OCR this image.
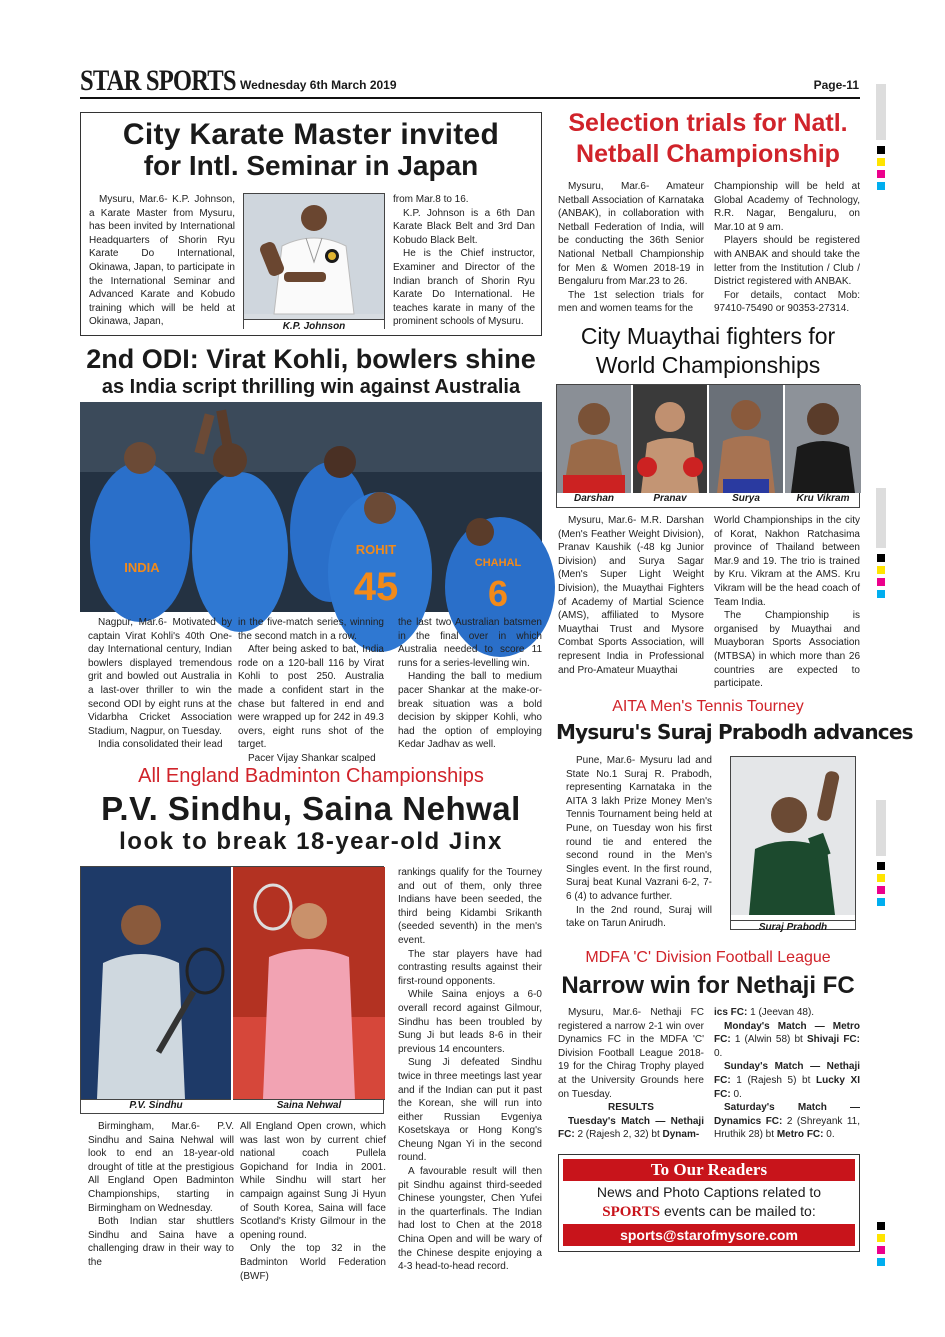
STAR SPORTS Wednesday 6th March 2019	Page-11
City Karate Master invited
for Intl. Seminar in Japan

Mysuru, Mar.6- K.P. Johnson, a Karate Master from Mysuru, has been invited by International Headquarters of Shorin Ryu Karate Do International, Okinawa, Japan, to participate in the International Seminar and Advanced Karate and Kobudo training which will be held at Okinawa, Japan,	K.P. Johnson

from Mar.8 to 16.

K.P. Johnson is a 6th Dan Karate Black Belt and 3rd Dan Kobudo Black Belt.

He is the Chief instructor, Examiner and Director of the Indian branch of Shorin Ryu Karate Do International. He teaches karate in many of the prominent schools of Mysuru.

Selection trials for Natl.
Netball Championship

Mysuru, Mar.6- Amateur Netball Association of Karnataka (ANBAK), in collaboration with Netball Federation of India, will be conducting the 36th Senior National Netball Championship for Men & Women 2018-19 in Bengaluru from Mar.23 to 26.

The 1st selection trials for men and women teams for the

Championship will be held at Global Academy of Technology, R.R. Nagar, Bengaluru, on Mar.10 at 9 am.

Players should be registered with ANBAK and should take the letter from the Institution / Club / District registered with ANBAK.

For details, contact Mob: 97410-75490 or 90353-27314.

2nd ODI: Virat Kohli, bowlers shine
as India script thrilling win against Australia
45
ROHIT
6
CHAHAL
INDIA

Nagpur, Mar.6- Motivated by captain Virat Kohli's 40th One-day International century, Indian bowlers displayed tremendous grit and bowled out Australia in a last-over thriller to win the second ODI by eight runs at the Vidarbha Cricket Association Stadium, Nagpur, on Tuesday.

India consolidated their lead

in the five-match series, winning the second match in a row.

After being asked to bat, India rode on a 120-ball 116 by Virat Kohli to post 250. Australia made a confident start in the chase but faltered in end and were wrapped up for 242 in 49.3 overs, eight runs shot of the target.

Pacer Vijay Shankar scalped

the last two Australian batsmen in the final over in which Australia needed to score 11 runs for a series-levelling win.

Handing the ball to medium pacer Shankar at the make-or-break situation was a bold decision by skipper Kohli, who had the option of employing Kedar Jadhav as well.

City Muaythai fighters for
World Championships
Darshan	Pranav	Surya	Kru Vikram

Mysuru, Mar.6- M.R. Darshan (Men's Feather Weight Division), Pranav Kaushik (-48 kg Junior Division) and Surya Sagar (Men's Super Light Weight Division), the Muaythai Fighters of Academy of Martial Science (AMS), affiliated to Mysore Muaythai Trust and Mysore Combat Sports Association, will represent India in Professional and Pro-Amateur Muaythai

World Championships in the city of Korat, Nakhon Ratchasima province of Thailand between Mar.9 and 19. The trio is trained by Kru. Vikram at the AMS. Kru Vikram will be the head coach of Team India.

The Championship is organised by Muaythai and Muayboran Sports Association (MTBSA) in which more than 26 countries are expected to participate.

AITA Men's Tennis Tourney
Mysuru's Suraj Prabodh advances

Pune, Mar.6- Mysuru lad and State No.1 Suraj R. Prabodh, representing Karnataka in the AITA 3 lakh Prize Money Men's Tennis Tournament being held at Pune, on Tuesday won his first round tie and entered the second round in the Men's Singles event. In the first round, Suraj beat Kunal Vazrani 6-2, 7-6 (4) to advance further.

In the 2nd round, Suraj will take on Tarun Anirudh.	Suraj Prabodh
All England Badminton Championships
P.V. Sindhu, Saina Nehwal
look to break 18-year-old Jinx
P.V. Sindhu	Saina Nehwal

rankings qualify for the Tourney and out of them, only three Indians have been seeded, the third being Kidambi Srikanth (seeded seventh) in the men's event.

The star players have had contrasting results against their first-round opponents.

While Saina enjoys a 6-0 overall record against Gilmour, Sindhu has been troubled by Sung Ji but leads 8-6 in their previous 14 encounters.

Sung Ji defeated Sindhu twice in three meetings last year and if the Indian can put it past the Korean, she will run into either Russian Evgeniya Kosetskaya or Hong Kong's Cheung Ngan Yi in the second round.

A favourable result will then pit Sindhu against third-seeded Chinese youngster, Chen Yufei in the quarterfinals. The Indian had lost to Chen at the 2018 China Open and will be wary of the Chinese despite enjoying a 4-3 head-to-head record.

Birmingham, Mar.6- P.V. Sindhu and Saina Nehwal will look to end an 18-year-old drought of title at the prestigious All England Open Badminton Championships, starting in Birmingham on Wednesday.

Both Indian star shuttlers Sindhu and Saina have a challenging draw in their way to the

All England Open crown, which was last won by current chief national coach Pullela Gopichand for India in 2001. While Sindhu will start her campaign against Sung Ji Hyun of South Korea, Saina will face Scotland's Kristy Gilmour in the opening round.

Only the top 32 in the Badminton World Federation (BWF)

MDFA 'C' Division Football League
Narrow win for Nethaji FC

Mysuru, Mar.6- Nethaji FC registered a narrow 2-1 win over Dynamics FC in the MDFA 'C' Division Football League 2018-19 for the Chirag Trophy played at the University Grounds here on Tuesday.

RESULTS

Tuesday's Match — Nethaji FC: 2 (Rajesh 2, 32) bt Dynam-

ics FC: 1 (Jeevan 48).

Monday's Match — Metro FC: 1 (Alwin 58) bt Shivaji FC: 0.

Sunday's Match — Nethaji FC: 1 (Rajesh 5) bt Lucky XI FC: 0.

Saturday's Match — Dynamics FC: 2 (Shreyank 11, Hruthik 28) bt Metro FC: 0.

To Our Readers
News and Photo Captions related to
SPORTS events can be mailed to:
sports@starofmysore.com
